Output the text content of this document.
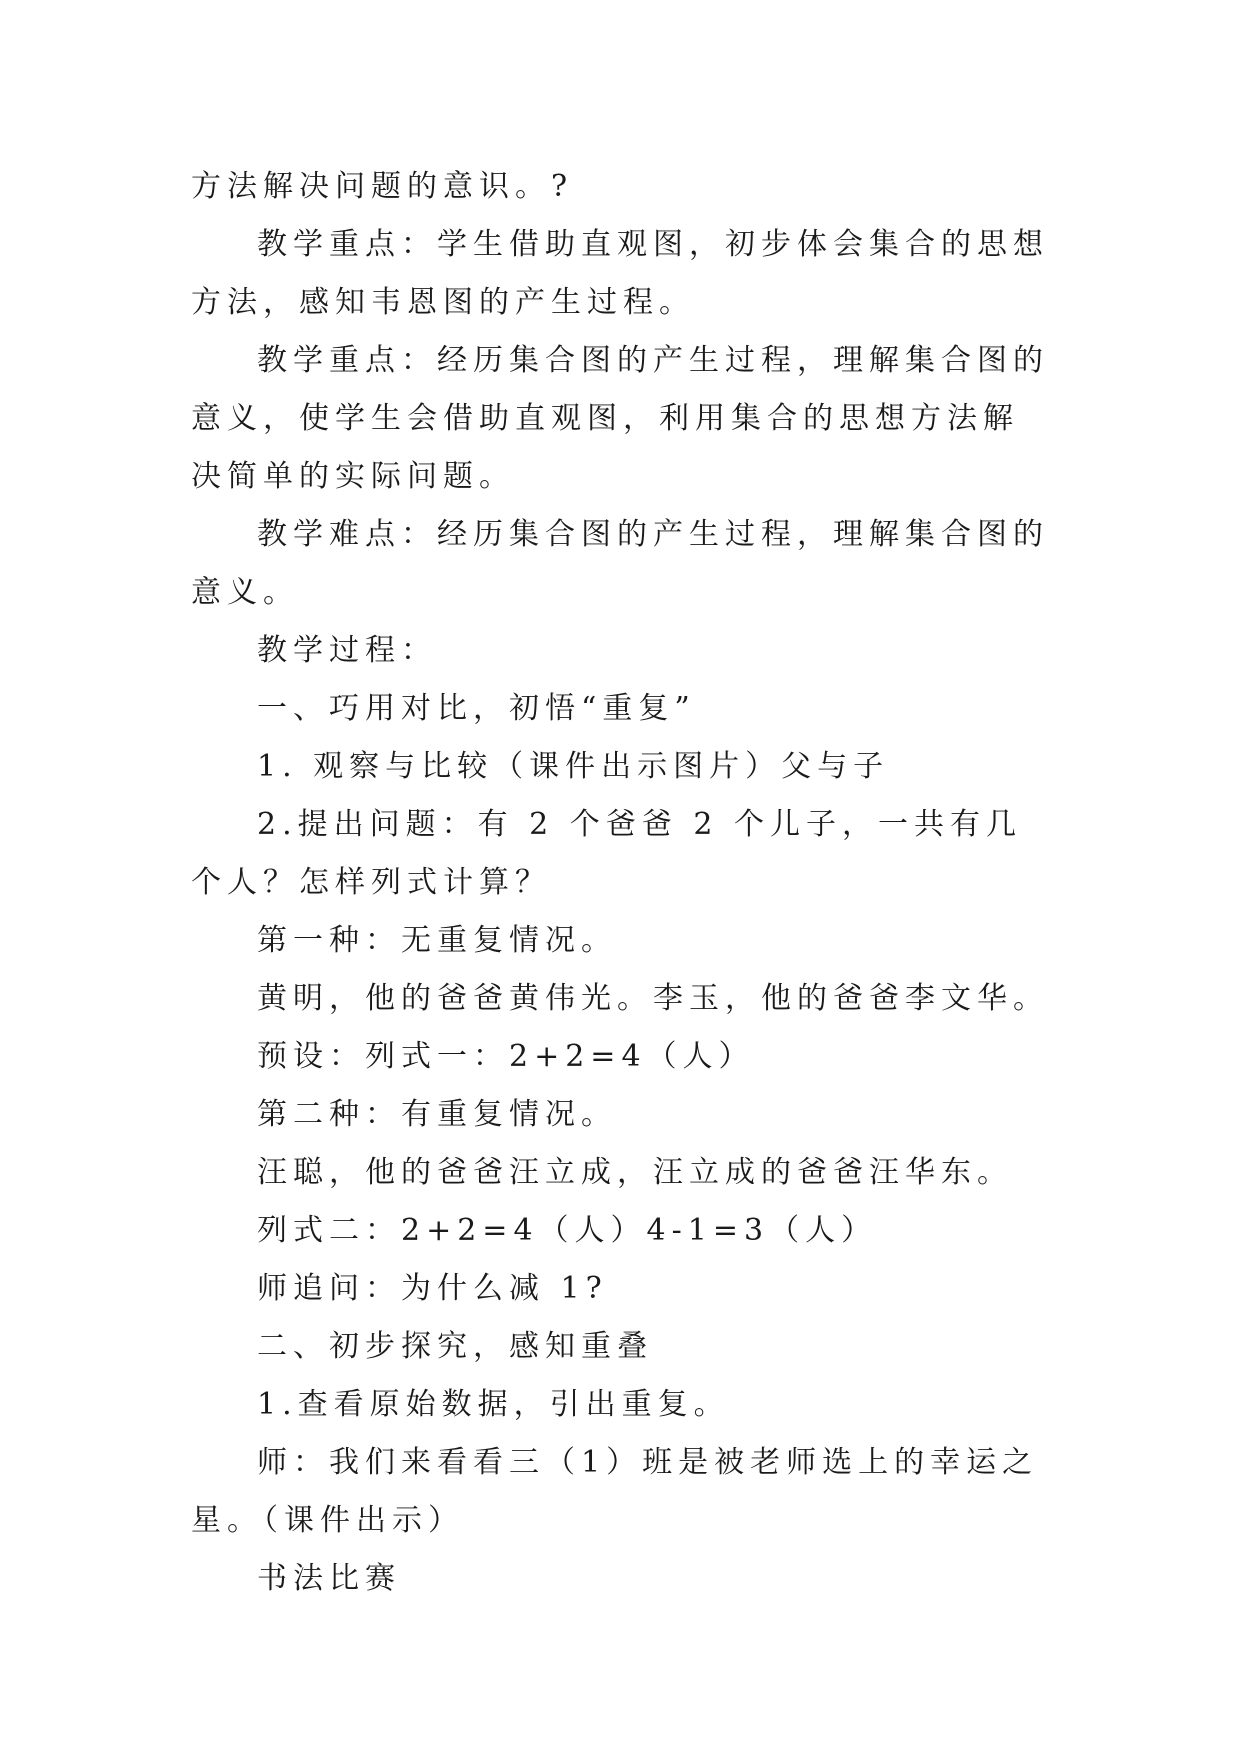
方法解决问题的意识。?

教学重点：学生借助直观图，初步体会集合的思想方法，感知韦恩图的产生过程。

教学重点：经历集合图的产生过程，理解集合图的意义，使学生会借助直观图，利用集合的思想方法解决简单的实际问题。

教学难点：经历集合图的产生过程，理解集合图的意义。

教学过程：

一、巧用对比，初悟“重复”

1. 观察与比较（课件出示图片）父与子

2.提出问题：有 2 个爸爸 2 个儿子，一共有几个人？怎样列式计算？

第一种：无重复情况。

黄明，他的爸爸黄伟光。李玉，他的爸爸李文华。

预设：列式一：2+2=4（人）

第二种：有重复情况。

汪聪，他的爸爸汪立成，汪立成的爸爸汪华东。

列式二：2+2=4（人）4-1=3（人）

师追问：为什么减 1?

二、初步探究，感知重叠

1.查看原始数据，引出重复。

师：我们来看看三（1）班是被老师选上的幸运之星。（课件出示）

书法比赛
